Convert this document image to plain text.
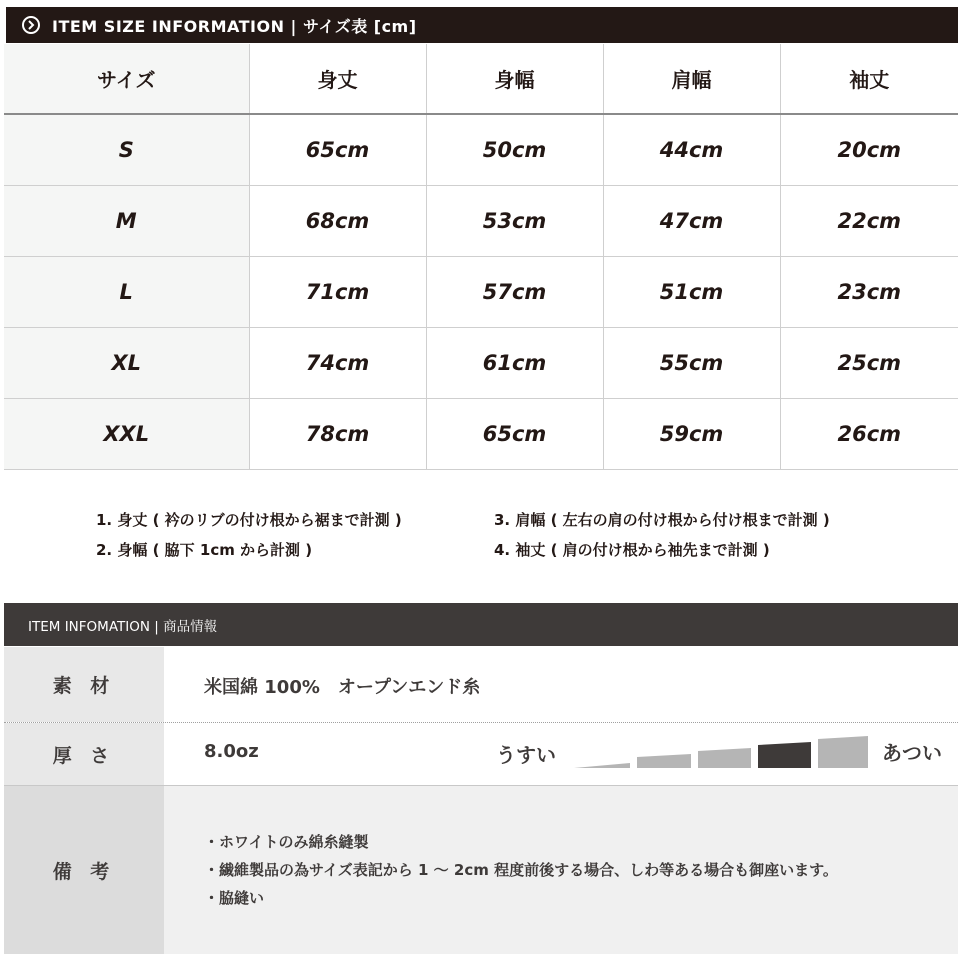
ITEM SIZE INFORMATION | サイズ表 [cm]
サイズ	身丈	身幅	肩幅	袖丈
S	65cm	50cm	44cm	20cm
M	68cm	53cm	47cm	22cm
L	71cm	57cm	51cm	23cm
XL	74cm	61cm	55cm	25cm
XXL	78cm	65cm	59cm	26cm
1. 身丈 ( 衿のリブの付け根から裾まで計測 )
2. 身幅 ( 脇下 1cm から計測 )
3. 肩幅 ( 左右の肩の付け根から付け根まで計測 )
4. 袖丈 ( 肩の付け根から袖先まで計測 )
ITEM INFOMATION | 商品情報
素 材	米国綿 100%　オープンエンド糸
厚 さ	8.0oz	うすい	あつい
備 考
・ホワイトのみ綿糸縫製
・繊維製品の為サイズ表記から 1 ～ 2cm 程度前後する場合、しわ等ある場合も御座います。
・脇縫い
